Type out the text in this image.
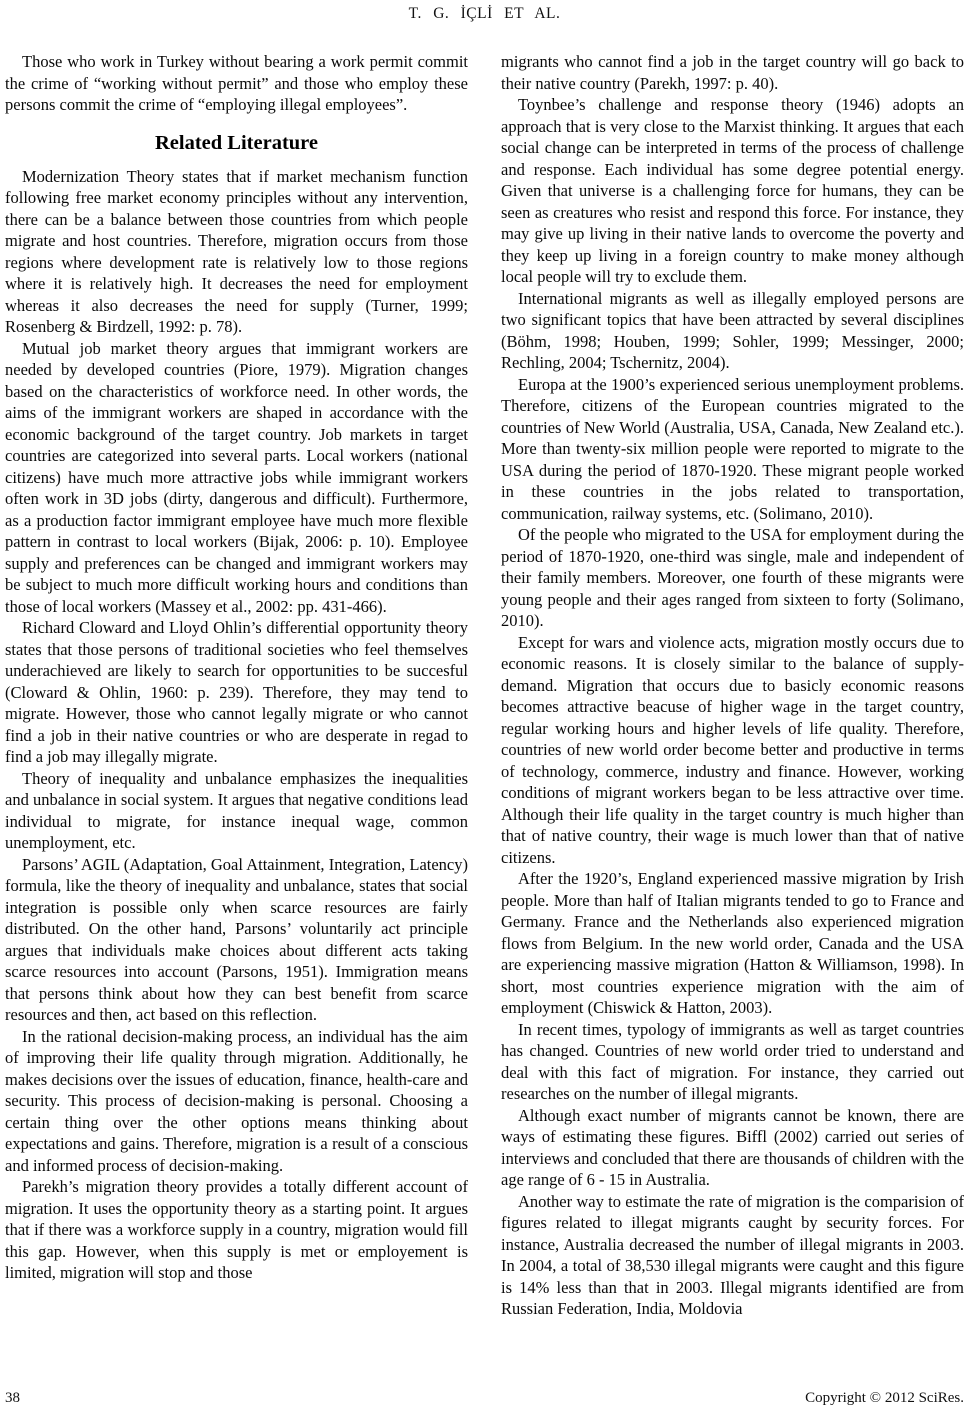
T. G. İÇLİ ET AL.

Those who work in Turkey without bearing a work permit commit the crime of “working without permit” and those who employ these persons commit the crime of “employing illegal employees”.

Related Literature

Modernization Theory states that if market mechanism function following free market economy principles without any intervention, there can be a balance between those countries from which people migrate and host countries. Therefore, migration occurs from those regions where development rate is relatively low to those regions where it is relatively high. It decreases the need for employment whereas it also decreases the need for supply (Turner, 1999; Rosenberg & Birdzell, 1992: p. 78).

Mutual job market theory argues that immigrant workers are needed by developed countries (Piore, 1979). Migration changes based on the characteristics of workforce need. In other words, the aims of the immigrant workers are shaped in accordance with the economic background of the target country. Job markets in target countries are categorized into several parts. Local workers (national citizens) have much more attractive jobs while immigrant workers often work in 3D jobs (dirty, dangerous and difficult). Furthermore, as a production factor immigrant employee have much more flexible pattern in contrast to local workers (Bijak, 2006: p. 10). Employee supply and preferences can be changed and immigrant workers may be subject to much more difficult working hours and conditions than those of local workers (Massey et al., 2002: pp. 431-466).

Richard Cloward and Lloyd Ohlin’s differential opportunity theory states that those persons of traditional societies who feel themselves underachieved are likely to search for opportunities to be succesful (Cloward & Ohlin, 1960: p. 239). Therefore, they may tend to migrate. However, those who cannot legally migrate or who cannot find a job in their native countries or who are desperate in regad to find a job may illegally migrate.

Theory of inequality and unbalance emphasizes the inequalities and unbalance in social system. It argues that negative conditions lead individual to migrate, for instance inequal wage, common unemployment, etc.

Parsons’ AGIL (Adaptation, Goal Attainment, Integration, Latency) formula, like the theory of inequality and unbalance, states that social integration is possible only when scarce resources are fairly distributed. On the other hand, Parsons’ voluntarily act principle argues that individuals make choices about different acts taking scarce resources into account (Parsons, 1951). Immigration means that persons think about how they can best benefit from scarce resources and then, act based on this reflection.

In the rational decision-making process, an individual has the aim of improving their life quality through migration. Additionally, he makes decisions over the issues of education, finance, health-care and security. This process of decision-making is personal. Choosing a certain thing over the other options means thinking about expectations and gains. Therefore, migration is a result of a conscious and informed process of decision-making.

Parekh’s migration theory provides a totally different account of migration. It uses the opportunity theory as a starting point. It argues that if there was a workforce supply in a country, migration would fill this gap. However, when this supply is met or employement is limited, migration will stop and those

migrants who cannot find a job in the target country will go back to their native country (Parekh, 1997: p. 40).

Toynbee’s challenge and response theory (1946) adopts an approach that is very close to the Marxist thinking. It argues that each social change can be interpreted in terms of the process of challenge and response. Each individual has some degree potential energy. Given that universe is a challenging force for humans, they can be seen as creatures who resist and respond this force. For instance, they may give up living in their native lands to overcome the poverty and they keep up living in a foreign country to make money although local people will try to exclude them.

International migrants as well as illegally employed persons are two significant topics that have been attracted by several disciplines (Böhm, 1998; Houben, 1999; Sohler, 1999; Messinger, 2000; Rechling, 2004; Tschernitz, 2004).

Europa at the 1900’s experienced serious unemployment problems. Therefore, citizens of the European countries migrated to the countries of New World (Australia, USA, Canada, New Zealand etc.). More than twenty-six million people were reported to migrate to the USA during the period of 1870-1920. These migrant people worked in these countries in the jobs related to transportation, communication, railway systems, etc. (Solimano, 2010).

Of the people who migrated to the USA for employment during the period of 1870-1920, one-third was single, male and independent of their family members. Moreover, one fourth of these migrants were young people and their ages ranged from sixteen to forty (Solimano, 2010).

Except for wars and violence acts, migration mostly occurs due to economic reasons. It is closely similar to the balance of supply-demand. Migration that occurs due to basicly economic reasons becomes attractive beacuse of higher wage in the target country, regular working hours and higher levels of life quality. Therefore, countries of new world order become better and productive in terms of technology, commerce, industry and finance. However, working conditions of migrant workers began to be less attractive over time. Although their life quality in the target country is much higher than that of native country, their wage is much lower than that of native citizens.

After the 1920’s, England experienced massive migration by Irish people. More than half of Italian migrants tended to go to France and Germany. France and the Netherlands also experienced migration flows from Belgium. In the new world order, Canada and the USA are experiencing massive migration (Hatton & Williamson, 1998). In short, most countries experience migration with the aim of employment (Chiswick & Hatton, 2003).

In recent times, typology of immigrants as well as target countries has changed. Countries of new world order tried to understand and deal with this fact of migration. For instance, they carried out researches on the number of illegal migrants.

Although exact number of migrants cannot be known, there are ways of estimating these figures. Biffl (2002) carried out series of interviews and concluded that there are thousands of children with the age range of 6 - 15 in Australia.

Another way to estimate the rate of migration is the comparision of figures related to illegat migrants caught by security forces. For instance, Australia decreased the number of illegal migrants in 2003. In 2004, a total of 38,530 illegal migrants were caught and this figure is 14% less than that in 2003. Illegal migrants identified are from Russian Federation, India, Moldovia

38	Copyright © 2012 SciRes.
